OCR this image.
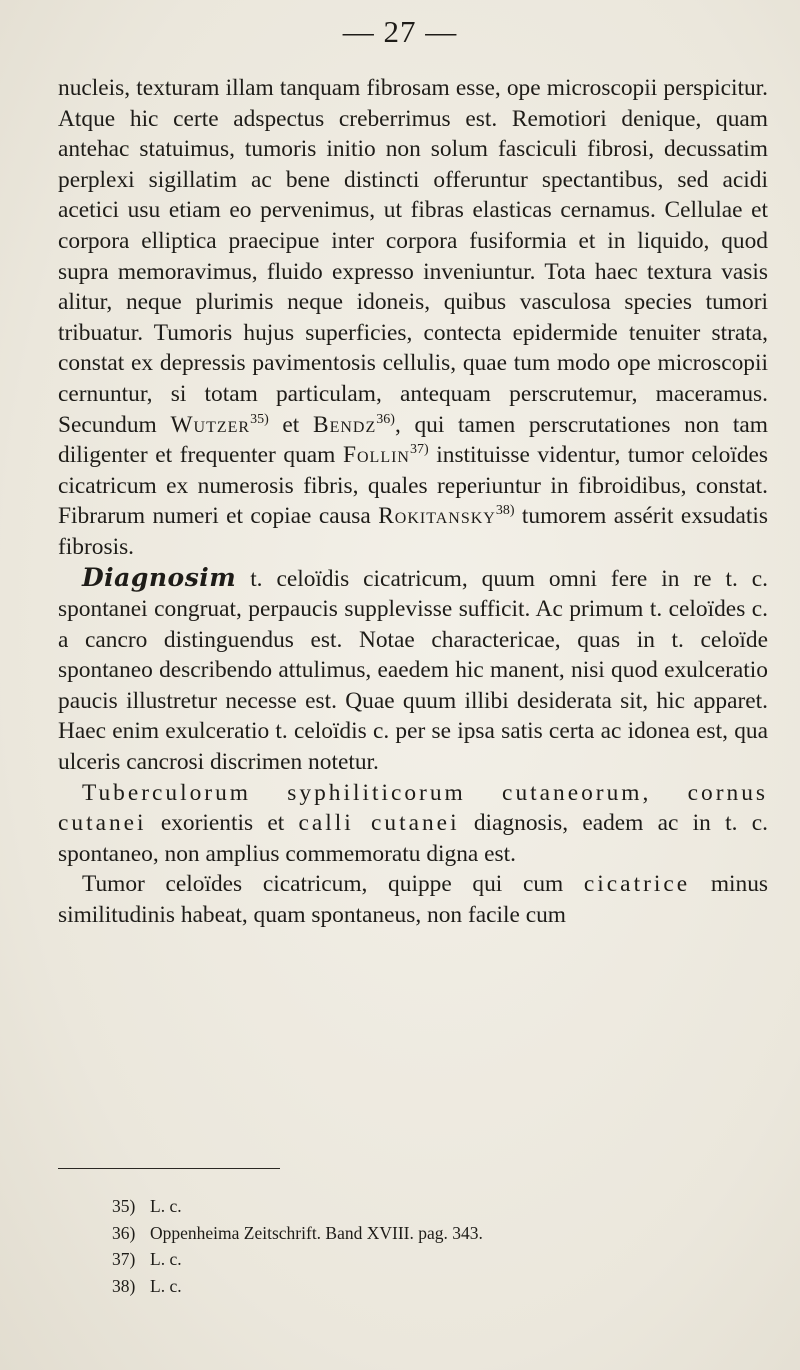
— 27 —

nucleis, texturam illam tanquam fibrosam esse, ope microscopii perspicitur. Atque hic certe adspectus creberrimus est. Remotiori denique, quam antehac statuimus, tumoris initio non solum fasciculi fibrosi, decussatim perplexi sigillatim ac bene distincti offeruntur spectantibus, sed acidi acetici usu etiam eo pervenimus, ut fibras elasticas cernamus. Cellulae et corpora elliptica praecipue inter corpora fusiformia et in liquido, quod supra memoravimus, fluido expresso inveniuntur. Tota haec textura vasis alitur, neque plurimis neque idoneis, quibus vasculosa species tumori tribuatur. Tumoris hujus superficies, contecta epidermide tenuiter strata, constat ex depressis pavimentosis cellulis, quae tum modo ope microscopii cernuntur, si totam particulam, antequam perscrutemur, maceramus. Secundum Wutzer$^{35)}$ et Bendz$^{36)}$, qui tamen perscrutationes non tam diligenter et frequenter quam Follin$^{37)}$ instituisse videntur, tumor celoïdes cicatricum ex numerosis fibris, quales reperiuntur in fibroidibus, constat. Fibrarum numeri et copiae causa Rokitansky$^{38)}$ tumorem assérit exsudatis fibrosis.

Diagnosim t. celoïdis cicatricum, quum omni fere in re t. c. spontanei congruat, perpaucis supplevisse sufficit. Ac primum t. celoïdes c. a cancro distinguendus est. Notae charactericae, quas in t. celoïde spontaneo describendo attulimus, eaedem hic manent, nisi quod exulceratio paucis illustretur necesse est. Quae quum illibi desiderata sit, hic apparet. Haec enim exulceratio t. celoïdis c. per se ipsa satis certa ac idonea est, qua ulceris cancrosi discrimen notetur.

Tuberculorum syphiliticorum cutaneorum, cornus cutanei exorientis et calli cutanei diagnosis, eadem ac in t. c. spontaneo, non amplius commemoratu digna est.

Tumor celoïdes cicatricum, quippe qui cum cicatrice minus similitudinis habeat, quam spontaneus, non facile cum

35) L. c.
36) Oppenheima Zeitschrift. Band XVIII. pag. 343.
37) L. c.
38) L. c.
